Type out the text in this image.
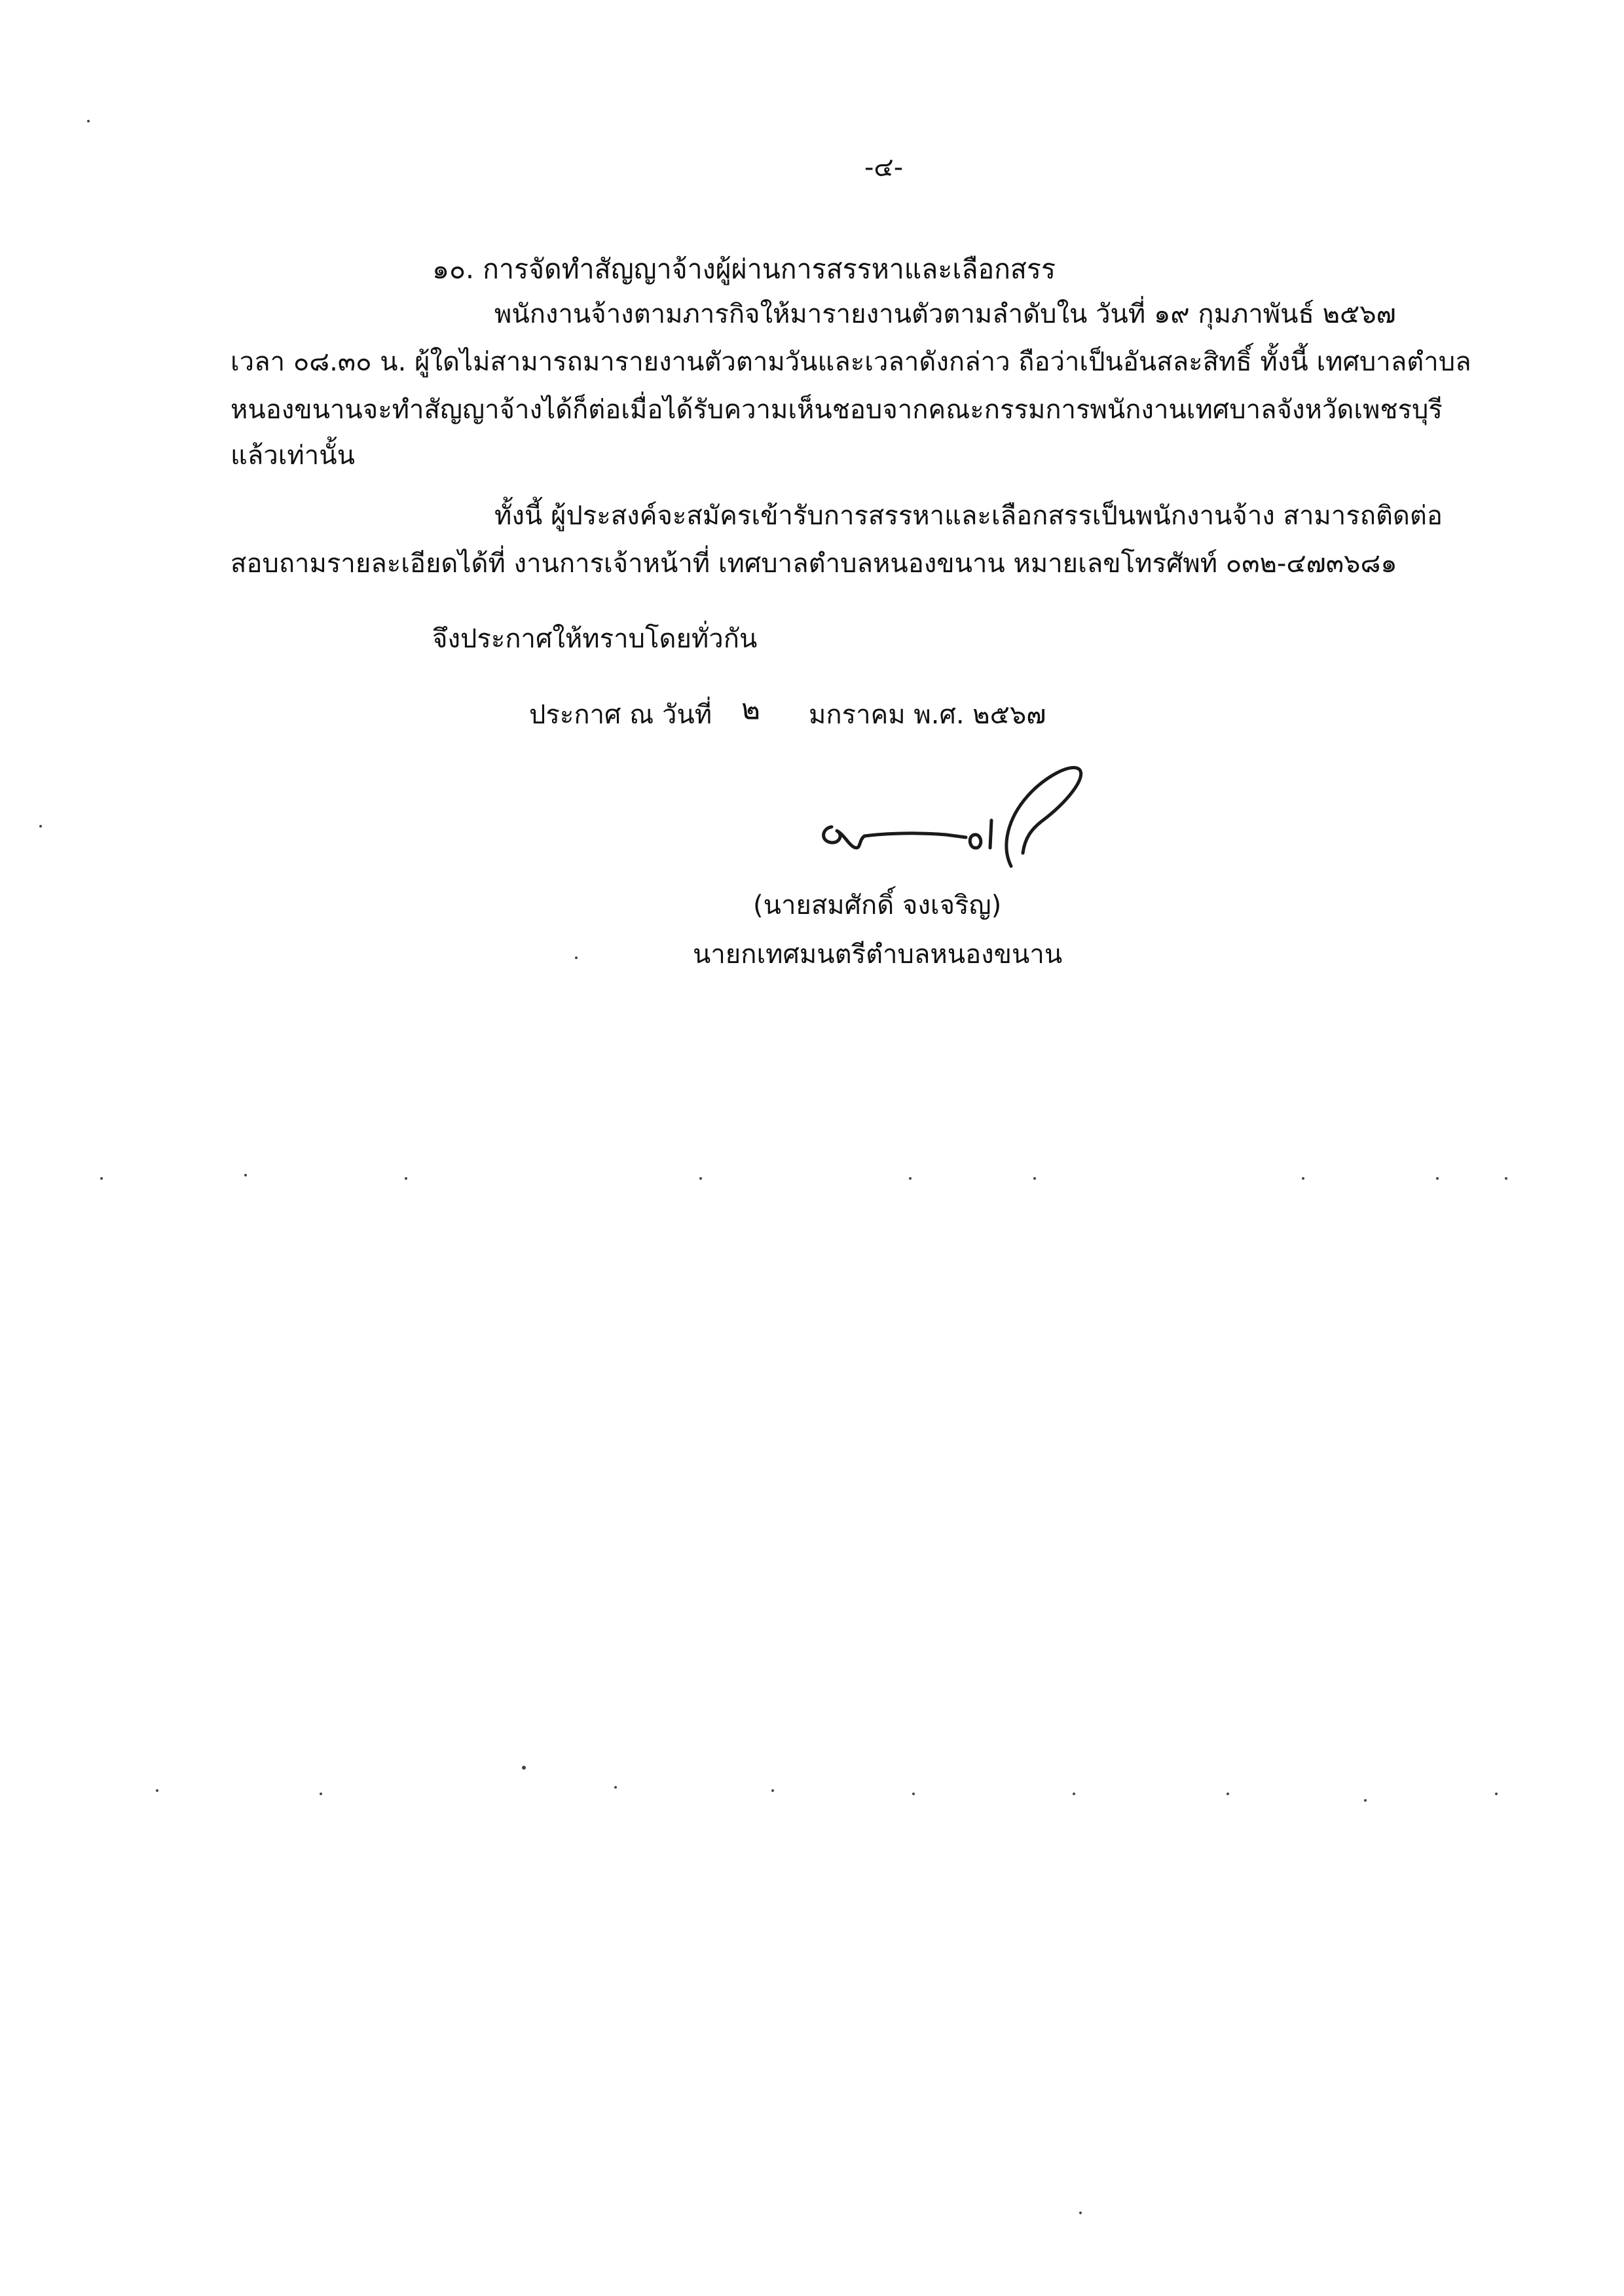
-๔-
๑๐. การจัดทำสัญญาจ้างผู้ผ่านการสรรหาและเลือกสรร
พนักงานจ้างตามภารกิจให้มารายงานตัวตามลำดับใน วันที่ ๑๙ กุมภาพันธ์ ๒๕๖๗
เวลา ๐๘.๓๐ น. ผู้ใดไม่สามารถมารายงานตัวตามวันและเวลาดังกล่าว ถือว่าเป็นอันสละสิทธิ์ ทั้งนี้ เทศบาลตำบล
หนองขนานจะทำสัญญาจ้างได้ก็ต่อเมื่อได้รับความเห็นชอบจากคณะกรรมการพนักงานเทศบาลจังหวัดเพชรบุรี
แล้วเท่านั้น
ทั้งนี้ ผู้ประสงค์จะสมัครเข้ารับการสรรหาและเลือกสรรเป็นพนักงานจ้าง สามารถติดต่อ
สอบถามรายละเอียดได้ที่ งานการเจ้าหน้าที่ เทศบาลตำบลหนองขนาน หมายเลขโทรศัพท์ ๐๓๒-๔๗๓๖๘๑
จึงประกาศให้ทราบโดยทั่วกัน
ประกาศ ณ วันที่ ๒ มกราคม พ.ศ. ๒๕๖๗
(นายสมศักดิ์ จงเจริญ)
นายกเทศมนตรีตำบลหนองขนาน
